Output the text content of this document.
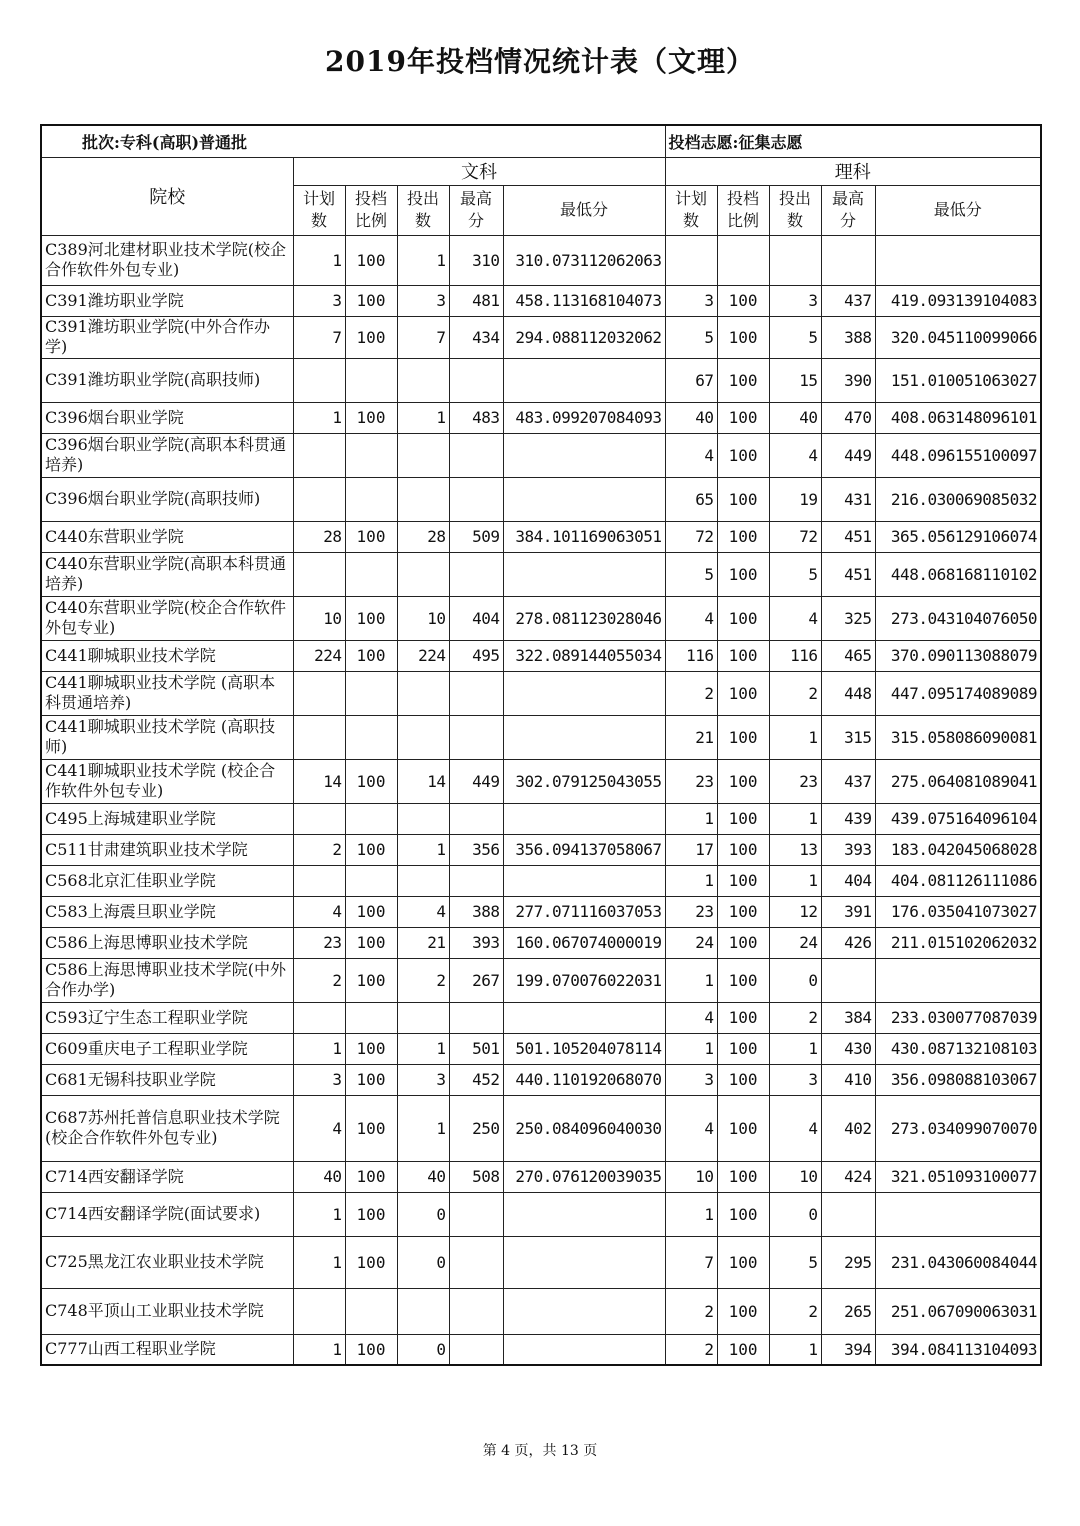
2019年投档情况统计表（文理）
批次:专科(高职)普通批						投档志愿:征集志愿				
院校	文科					理科				
	计划数	投档比例	投出数	最高分	最低分	计划数	投档比例	投出数	最高分	最低分
C389河北建材职业技术学院(校企合作软件外包专业)	1	100	1	310	310.073112062063					
C391潍坊职业学院	3	100	3	481	458.113168104073	3	100	3	437	419.093139104083
C391潍坊职业学院(中外合作办学)	7	100	7	434	294.088112032062	5	100	5	388	320.045110099066
C391潍坊职业学院(高职技师)						67	100	15	390	151.010051063027
C396烟台职业学院	1	100	1	483	483.099207084093	40	100	40	470	408.063148096101
C396烟台职业学院(高职本科贯通培养)						4	100	4	449	448.096155100097
C396烟台职业学院(高职技师)						65	100	19	431	216.030069085032
C440东营职业学院	28	100	28	509	384.101169063051	72	100	72	451	365.056129106074
C440东营职业学院(高职本科贯通培养)						5	100	5	451	448.068168110102
C440东营职业学院(校企合作软件外包专业)	10	100	10	404	278.081123028046	4	100	4	325	273.043104076050
C441聊城职业技术学院	224	100	224	495	322.089144055034	116	100	116	465	370.090113088079
C441聊城职业技术学院 (高职本科贯通培养)						2	100	2	448	447.095174089089
C441聊城职业技术学院 (高职技师)						21	100	1	315	315.058086090081
C441聊城职业技术学院 (校企合作软件外包专业)	14	100	14	449	302.079125043055	23	100	23	437	275.064081089041
C495上海城建职业学院						1	100	1	439	439.075164096104
C511甘肃建筑职业技术学院	2	100	1	356	356.094137058067	17	100	13	393	183.042045068028
C568北京汇佳职业学院						1	100	1	404	404.081126111086
C583上海震旦职业学院	4	100	4	388	277.071116037053	23	100	12	391	176.035041073027
C586上海思博职业技术学院	23	100	21	393	160.067074000019	24	100	24	426	211.015102062032
C586上海思博职业技术学院(中外合作办学)	2	100	2	267	199.070076022031	1	100	0		
C593辽宁生态工程职业学院						4	100	2	384	233.030077087039
C609重庆电子工程职业学院	1	100	1	501	501.105204078114	1	100	1	430	430.087132108103
C681无锡科技职业学院	3	100	3	452	440.110192068070	3	100	3	410	356.098088103067
C687苏州托普信息职业技术学院(校企合作软件外包专业)	4	100	1	250	250.084096040030	4	100	4	402	273.034099070070
C714西安翻译学院	40	100	40	508	270.076120039035	10	100	10	424	321.051093100077
C714西安翻译学院(面试要求)	1	100	0			1	100	0		
C725黑龙江农业职业技术学院	1	100	0			7	100	5	295	231.043060084044
C748平顶山工业职业技术学院						2	100	2	265	251.067090063031
C777山西工程职业学院	1	100	0			2	100	1	394	394.084113104093
第 4 页，共 13 页
